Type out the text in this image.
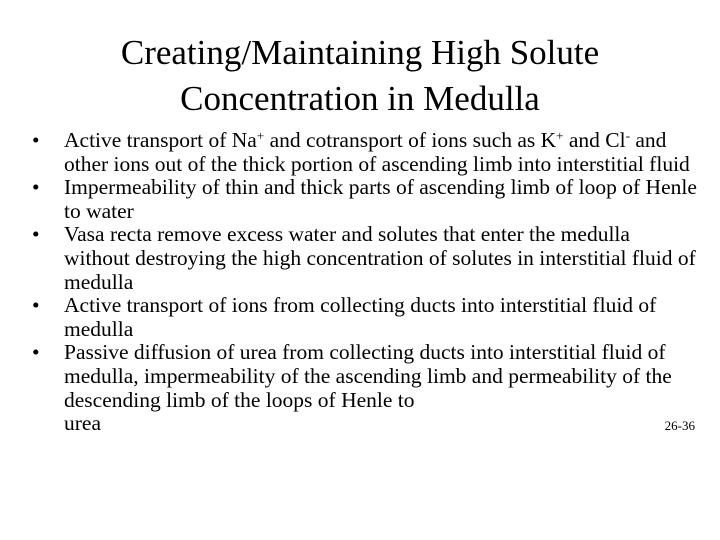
Creating/Maintaining High Solute
Concentration in Medulla
• Active transport of Na+ and cotransport of ions such as K+ and Cl- and other ions out of the thick portion of ascending limb into interstitial fluid
• Impermeability of thin and thick parts of ascending limb of loop of Henle to water
• Vasa recta remove excess water and solutes that enter the medulla without destroying the high concentration of solutes in interstitial fluid of medulla
• Active transport of ions from collecting ducts into interstitial fluid of medulla
• Passive diffusion of urea from collecting ducts into interstitial fluid of medulla, impermeability of the ascending limb and permeability of the descending limb of the loops of Henle to
urea	26-36
